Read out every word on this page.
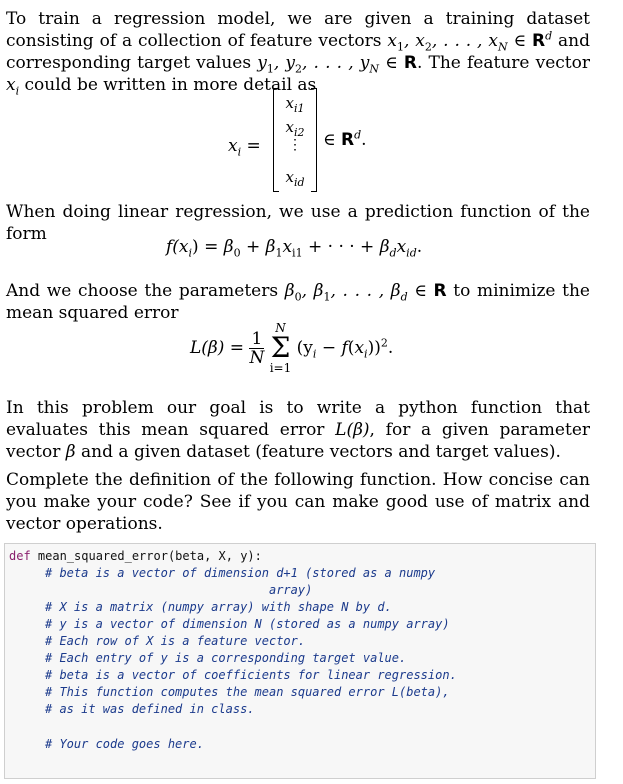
To train a regression model, we are given a training dataset consisting of a collection of feature vectors $x_1$, $x_2$, . . . , $x_N$ ∈ $R^d$ and corresponding target values $y_1$, $y_2$, . . . , $y_N$ ∈ R. The feature vector $x_i$ could be written in more detail as

$x_i$ =
$x_{i1}$
$x_{i2}$
⋮
$x_{id}$
∈ $R^d$.

When doing linear regression, we use a prediction function of the form

$f(x_i) = \beta_0 + \beta_1x_{i1}$ + · · · + $\beta_dx_{id}$.

And we choose the parameters $\beta_0$, $\beta_1$, . . . , $\beta_d$ ∈ R to minimize the mean squared error

$L(\beta) = \frac{1}{N}$

N
Σ
i=1
$(y_i - f(x_i))^2$.

In this problem our goal is to write a python function that evaluates this mean squared error L(β), for a given parameter vector β and a given dataset (feature vectors and target values).

Complete the definition of the following function. How concise can you make your code? See if you can make good use of matrix and vector operations.

def mean_squared_error(beta, X, y):
# beta is a vector of dimension d+1 (stored as a numpy
array)
# X is a matrix (numpy array) with shape N by d.
# y is a vector of dimension N (stored as a numpy array)
# Each row of X is a feature vector.
# Each entry of y is a corresponding target value.
# beta is a vector of coefficients for linear regression.
# This function computes the mean squared error L(beta),
# as it was defined in class.
# Your code goes here.
